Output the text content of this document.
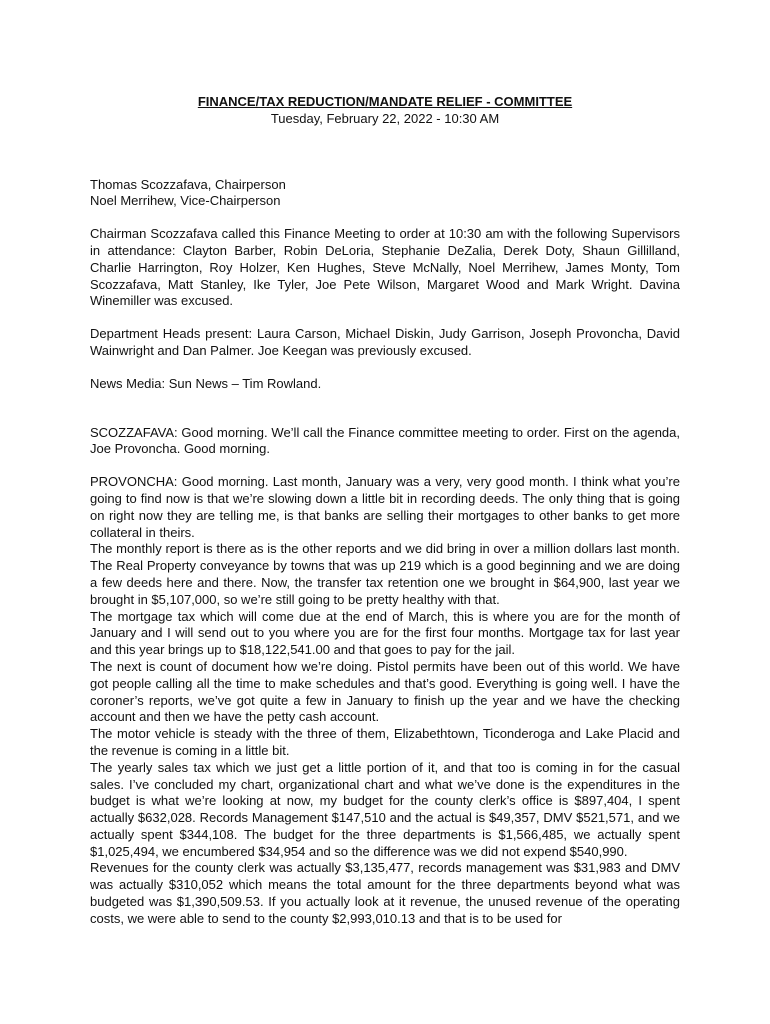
FINANCE/TAX REDUCTION/MANDATE RELIEF - COMMITTEE

Tuesday, February 22, 2022 - 10:30 AM

Thomas Scozzafava, Chairperson

Noel Merrihew, Vice-Chairperson

Chairman Scozzafava called this Finance Meeting to order at 10:30 am with the following Supervisors in attendance: Clayton Barber, Robin DeLoria, Stephanie DeZalia, Derek Doty, Shaun Gillilland, Charlie Harrington, Roy Holzer, Ken Hughes, Steve McNally, Noel Merrihew, James Monty, Tom Scozzafava, Matt Stanley, Ike Tyler, Joe Pete Wilson, Margaret Wood and Mark Wright. Davina Winemiller was excused.

Department Heads present: Laura Carson, Michael Diskin, Judy Garrison, Joseph Provoncha, David Wainwright and Dan Palmer. Joe Keegan was previously excused.

News Media: Sun News – Tim Rowland.

SCOZZAFAVA: Good morning. We’ll call the Finance committee meeting to order. First on the agenda, Joe Provoncha. Good morning.

PROVONCHA: Good morning. Last month, January was a very, very good month. I think what you’re going to find now is that we’re slowing down a little bit in recording deeds. The only thing that is going on right now they are telling me, is that banks are selling their mortgages to other banks to get more collateral in theirs.

The monthly report is there as is the other reports and we did bring in over a million dollars last month. The Real Property conveyance by towns that was up 219 which is a good beginning and we are doing a few deeds here and there. Now, the transfer tax retention one we brought in $64,900, last year we brought in $5,107,000, so we’re still going to be pretty healthy with that.

The mortgage tax which will come due at the end of March, this is where you are for the month of January and I will send out to you where you are for the first four months. Mortgage tax for last year and this year brings up to $18,122,541.00 and that goes to pay for the jail.

The next is count of document how we’re doing. Pistol permits have been out of this world. We have got people calling all the time to make schedules and that’s good. Everything is going well. I have the coroner’s reports, we’ve got quite a few in January to finish up the year and we have the checking account and then we have the petty cash account.

The motor vehicle is steady with the three of them, Elizabethtown, Ticonderoga and Lake Placid and the revenue is coming in a little bit.

The yearly sales tax which we just get a little portion of it, and that too is coming in for the casual sales. I’ve concluded my chart, organizational chart and what we’ve done is the expenditures in the budget is what we’re looking at now, my budget for the county clerk’s office is $897,404, I spent actually $632,028. Records Management $147,510 and the actual is $49,357, DMV $521,571, and we actually spent $344,108. The budget for the three departments is $1,566,485, we actually spent $1,025,494, we encumbered $34,954 and so the difference was we did not expend $540,990.

Revenues for the county clerk was actually $3,135,477, records management was $31,983 and DMV was actually $310,052 which means the total amount for the three departments beyond what was budgeted was $1,390,509.53. If you actually look at it revenue, the unused revenue of the operating costs, we were able to send to the county $2,993,010.13 and that is to be used for
